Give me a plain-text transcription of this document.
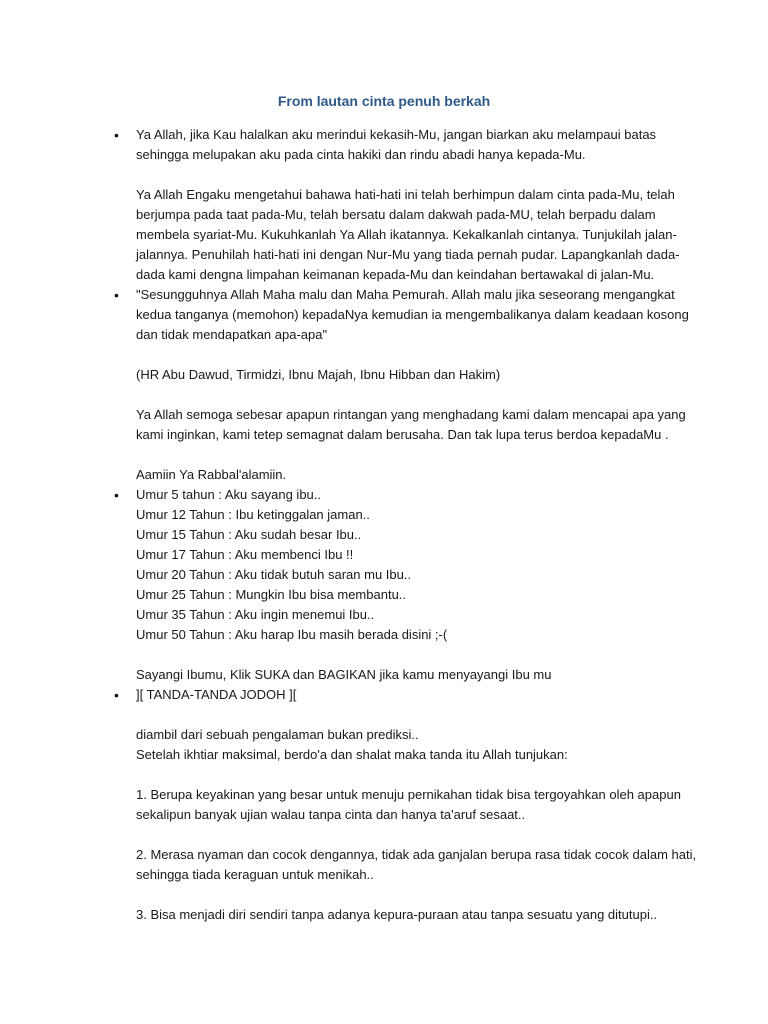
From lautan cinta penuh berkah
• Ya Allah, jika Kau halalkan aku merindui kekasih-Mu, jangan biarkan aku melampaui batas
sehingga melupakan aku pada cinta hakiki dan rindu abadi hanya kepada-Mu.
Ya Allah Engaku mengetahui bahawa hati-hati ini telah berhimpun dalam cinta pada-Mu, telah
berjumpa pada taat pada-Mu, telah bersatu dalam dakwah pada-MU, telah berpadu dalam
membela syariat-Mu. Kukuhkanlah Ya Allah ikatannya. Kekalkanlah cintanya. Tunjukilah jalan-
jalannya. Penuhilah hati-hati ini dengan Nur-Mu yang tiada pernah pudar. Lapangkanlah dada-
dada kami dengna limpahan keimanan kepada-Mu dan keindahan bertawakal di jalan-Mu.
• "Sesungguhnya Allah Maha malu dan Maha Pemurah. Allah malu jika seseorang mengangkat
kedua tanganya (memohon) kepadaNya kemudian ia mengembalikanya dalam keadaan kosong
dan tidak mendapatkan apa-apa"
(HR Abu Dawud, Tirmidzi, Ibnu Majah, Ibnu Hibban dan Hakim)
Ya Allah semoga sebesar apapun rintangan yang menghadang kami dalam mencapai apa yang
kami inginkan, kami tetep semagnat dalam berusaha. Dan tak lupa terus berdoa kepadaMu .
Aamiin Ya Rabbal'alamiin.
• Umur 5 tahun : Aku sayang ibu..
Umur 12 Tahun : Ibu ketinggalan jaman..
Umur 15 Tahun : Aku sudah besar Ibu..
Umur 17 Tahun : Aku membenci Ibu !!
Umur 20 Tahun : Aku tidak butuh saran mu Ibu..
Umur 25 Tahun : Mungkin Ibu bisa membantu..
Umur 35 Tahun : Aku ingin menemui Ibu..
Umur 50 Tahun : Aku harap Ibu masih berada disini ;-(
Sayangi Ibumu, Klik SUKA dan BAGIKAN jika kamu menyayangi Ibu mu
• ][ TANDA-TANDA JODOH ][
diambil dari sebuah pengalaman bukan prediksi..
Setelah ikhtiar maksimal, berdo'a dan shalat maka tanda itu Allah tunjukan:
1. Berupa keyakinan yang besar untuk menuju pernikahan tidak bisa tergoyahkan oleh apapun
sekalipun banyak ujian walau tanpa cinta dan hanya ta'aruf sesaat..
2. Merasa nyaman dan cocok dengannya, tidak ada ganjalan berupa rasa tidak cocok dalam hati,
sehingga tiada keraguan untuk menikah..
3. Bisa menjadi diri sendiri tanpa adanya kepura-puraan atau tanpa sesuatu yang ditutupi..
